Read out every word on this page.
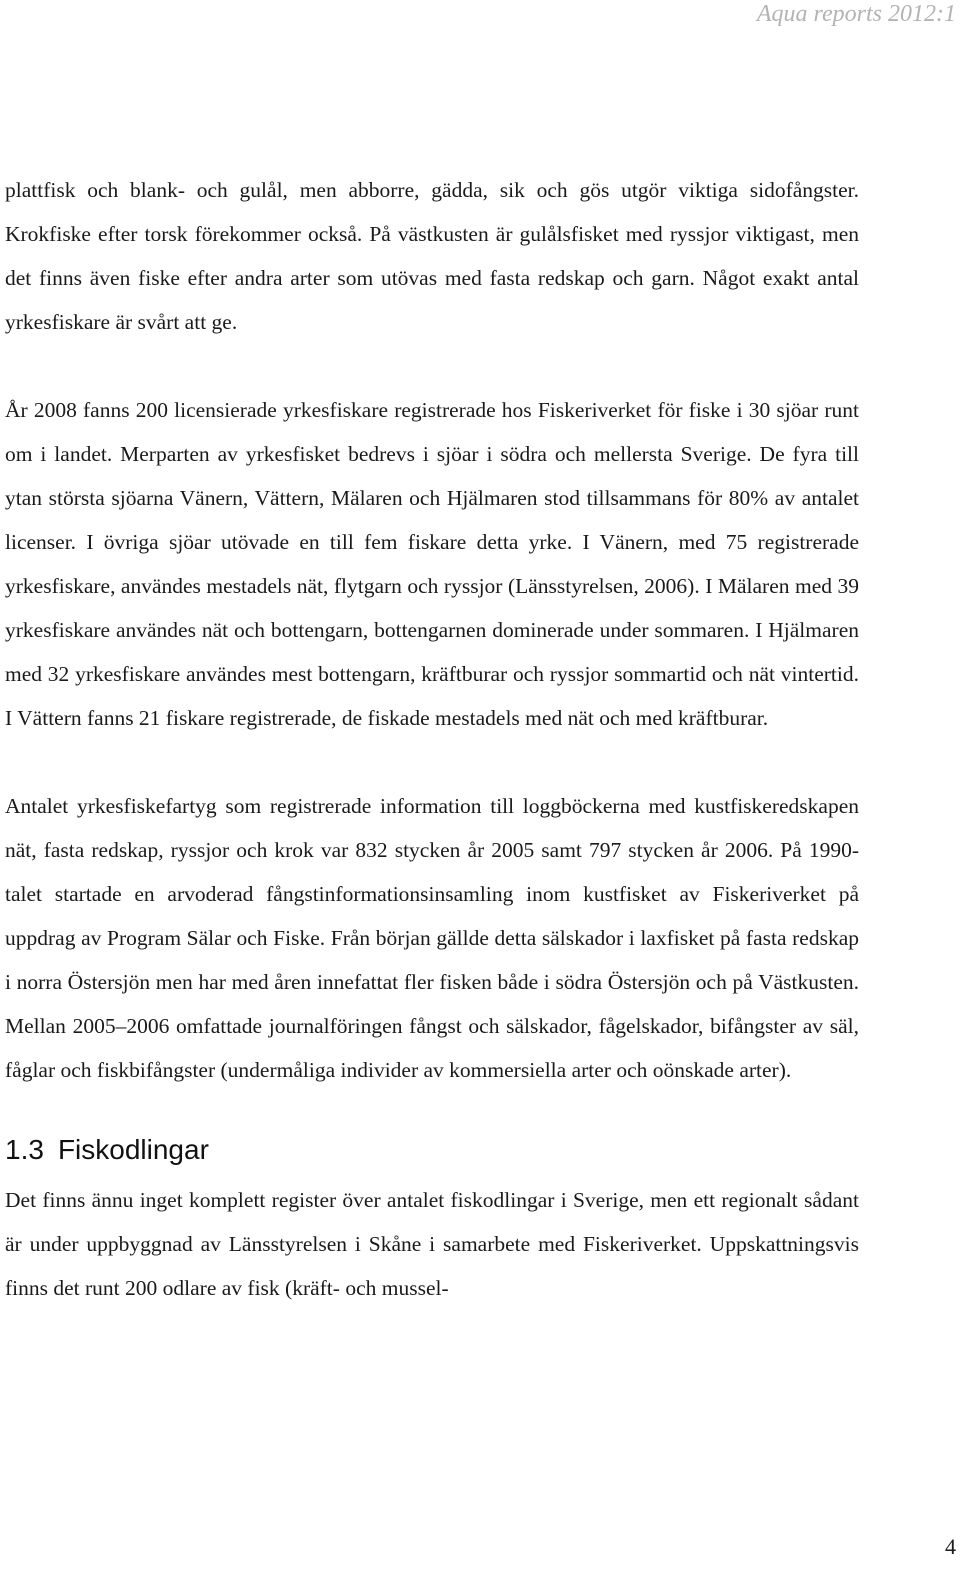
Aqua reports 2012:1

plattfisk och blank- och gulål, men abborre, gädda, sik och gös utgör viktiga sidofångster. Krokfiske efter torsk förekommer också. På västkusten är gulålsfisket med ryssjor viktigast, men det finns även fiske efter andra arter som utövas med fasta redskap och garn. Något exakt antal yrkesfiskare är svårt att ge.

År 2008 fanns 200 licensierade yrkesfiskare registrerade hos Fiskeriverket för fiske i 30 sjöar runt om i landet. Merparten av yrkesfisket bedrevs i sjöar i södra och mellersta Sverige. De fyra till ytan största sjöarna Vänern, Vättern, Mälaren och Hjälmaren stod tillsammans för 80% av antalet licenser. I övriga sjöar utövade en till fem fiskare detta yrke. I Vänern, med 75 registrerade yrkesfiskare, användes mestadels nät, flytgarn och ryssjor (Länsstyrelsen, 2006). I Mälaren med 39 yrkesfiskare användes nät och bottengarn, bottengarnen dominerade under sommaren. I Hjälmaren med 32 yrkesfiskare användes mest bottengarn, kräftburar och ryssjor sommartid och nät vintertid. I Vättern fanns 21 fiskare registrerade, de fiskade mestadels med nät och med kräftburar.

Antalet yrkesfiskefartyg som registrerade information till loggböckerna med kustfiskeredskapen nät, fasta redskap, ryssjor och krok var 832 stycken år 2005 samt 797 stycken år 2006. På 1990-talet startade en arvoderad fångstinformationsinsamling inom kustfisket av Fiskeriverket på uppdrag av Program Sälar och Fiske. Från början gällde detta sälskador i laxfisket på fasta redskap i norra Östersjön men har med åren innefattat fler fisken både i södra Östersjön och på Västkusten. Mellan 2005–2006 omfattade journalföringen fångst och sälskador, fågelskador, bifångster av säl, fåglar och fiskbifångster (undermåliga individer av kommersiella arter och oönskade arter).

1.3 Fiskodlingar

Det finns ännu inget komplett register över antalet fiskodlingar i Sverige, men ett regionalt sådant är under uppbyggnad av Länsstyrelsen i Skåne i samarbete med Fiskeriverket. Uppskattningsvis finns det runt 200 odlare av fisk (kräft- och mussel-

4
